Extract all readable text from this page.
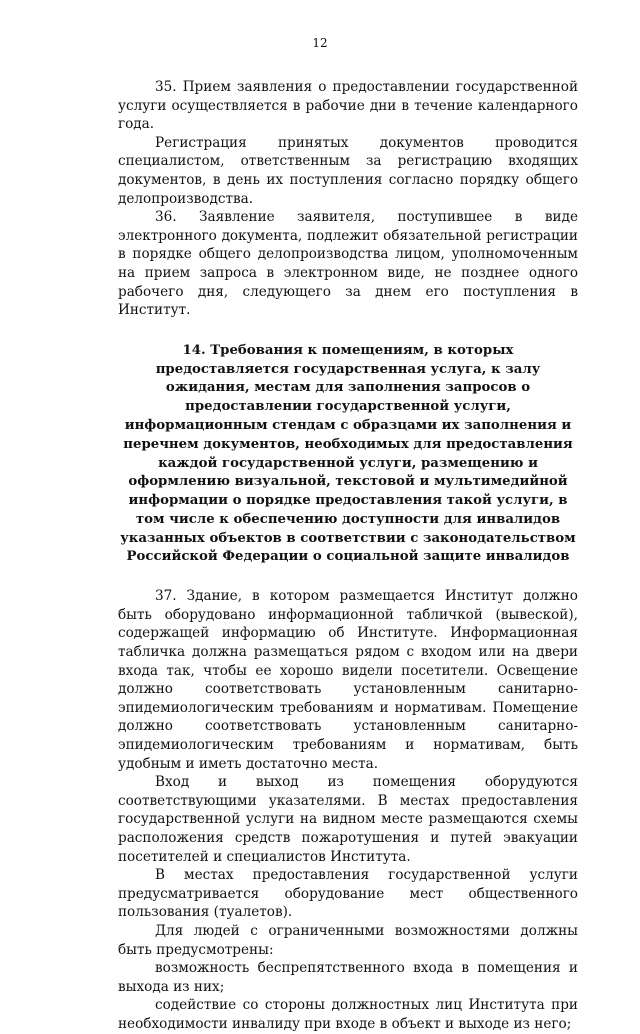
12

35. Прием заявления о предоставлении государственной услуги осуществляется в рабочие дни в течение календарного года.

Регистрация принятых документов проводится специалистом, ответственным за регистрацию входящих документов, в день их поступления согласно порядку общего делопроизводства.

36. Заявление заявителя, поступившее в виде электронного документа, подлежит обязательной регистрации в порядке общего делопроизводства лицом, уполномоченным на прием запроса в электронном виде, не позднее одного рабочего дня, следующего за днем его поступления в Институт.

14. Требования к помещениям, в которых предоставляется государственная услуга, к залу ожидания, местам для заполнения запросов о предоставлении государственной услуги, информационным стендам с образцами их заполнения и перечнем документов, необходимых для предоставления каждой государственной услуги, размещению и оформлению визуальной, текстовой и мультимедийной информации о порядке предоставления такой услуги, в том числе к обеспечению доступности для инвалидов указанных объектов в соответствии с законодательством Российской Федерации о социальной защите инвалидов

37. Здание, в котором размещается Институт должно быть оборудовано информационной табличкой (вывеской), содержащей информацию об Институте. Информационная табличка должна размещаться рядом с входом или на двери входа так, чтобы ее хорошо видели посетители. Освещение должно соответствовать установленным санитарно-эпидемиологическим требованиям и нормативам. Помещение должно соответствовать установленным санитарно-эпидемиологическим требованиям и нормативам, быть удобным и иметь достаточно места.

Вход и выход из помещения оборудуются соответствующими указателями. В местах предоставления государственной услуги на видном месте размещаются схемы расположения средств пожаротушения и путей эвакуации посетителей и специалистов Института.

В местах предоставления государственной услуги предусматривается оборудование мест общественного пользования (туалетов).

Для людей с ограниченными возможностями должны быть предусмотрены:

возможность беспрепятственного входа в помещения и выхода из них;

содействие со стороны должностных лиц Института при необходимости инвалиду при входе в объект и выходе из него;
